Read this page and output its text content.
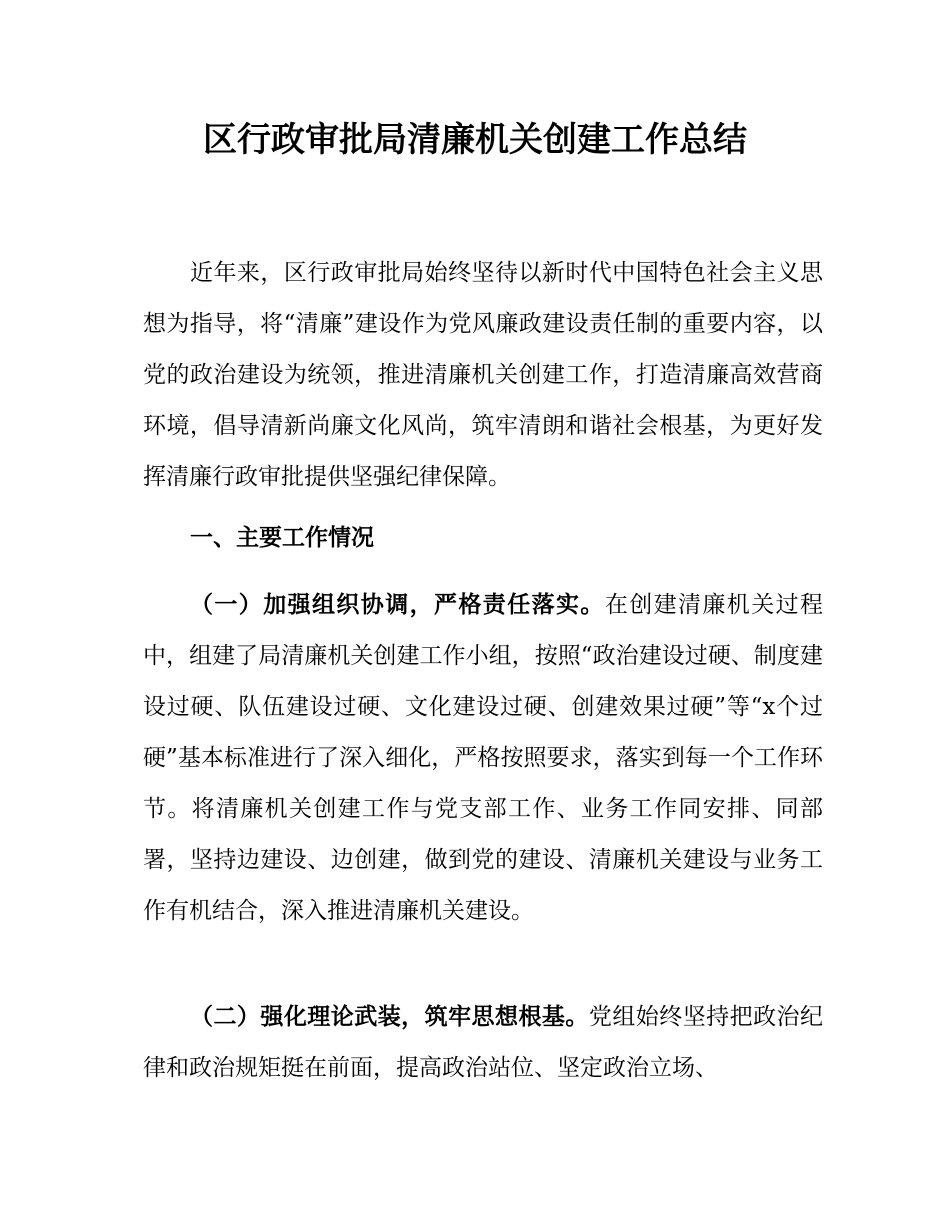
区行政审批局清廉机关创建工作总结

近年来，区行政审批局始终坚待以新时代中国特色社会主义思想为指导，将“清廉”建设作为党风廉政建设责任制的重要内容，以党的政治建设为统领，推进清廉机关创建工作，打造清廉高效营商环境，倡导清新尚廉文化风尚，筑牢清朗和谐社会根基，为更好发挥清廉行政审批提供坚强纪律保障。

一、主要工作情况

（一）加强组织协调，严格责任落实。在创建清廉机关过程中，组建了局清廉机关创建工作小组，按照“政治建设过硬、制度建设过硬、队伍建设过硬、文化建设过硬、创建效果过硬”等“x个过硬”基本标准进行了深入细化，严格按照要求，落实到每一个工作环节。将清廉机关创建工作与党支部工作、业务工作同安排、同部署，坚持边建设、边创建，做到党的建设、清廉机关建设与业务工作有机结合，深入推进清廉机关建设。

（二）强化理论武装，筑牢思想根基。党组始终坚持把政治纪律和政治规矩挺在前面，提高政治站位、坚定政治立场、
